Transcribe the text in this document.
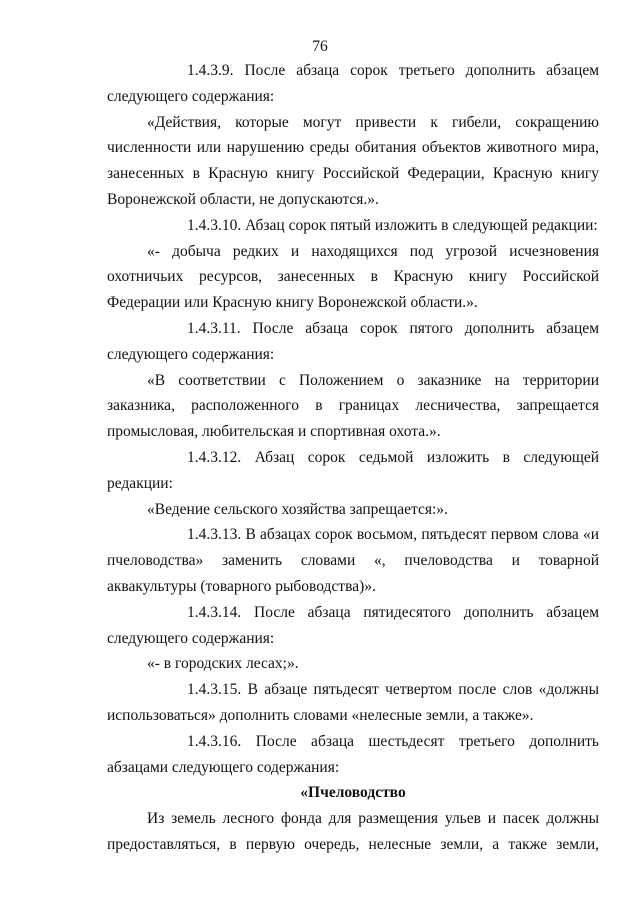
76

1.4.3.9. После абзаца сорок третьего дополнить абзацем следующего содержания:

«Действия, которые могут привести к гибели, сокращению численности или нарушению среды обитания объектов животного мира, занесенных в Красную книгу Российской Федерации, Красную книгу Воронежской области, не допускаются.».

1.4.3.10. Абзац сорок пятый изложить в следующей редакции:

«- добыча редких и находящихся под угрозой исчезновения охотничьих ресурсов, занесенных в Красную книгу Российской Федерации или Красную книгу Воронежской области.».

1.4.3.11. После абзаца сорок пятого дополнить абзацем следующего содержания:

«В соответствии с Положением о заказнике на территории заказника, расположенного в границах лесничества, запрещается промысловая, любительская и спортивная охота.».

1.4.3.12. Абзац сорок седьмой изложить в следующей редакции:

«Ведение сельского хозяйства запрещается:».

1.4.3.13. В абзацах сорок восьмом, пятьдесят первом слова «и пчеловодства» заменить словами «, пчеловодства и товарной аквакультуры (товарного рыбоводства)».

1.4.3.14. После абзаца пятидесятого дополнить абзацем следующего содержания:

«- в городских лесах;».

1.4.3.15. В абзаце пятьдесят четвертом после слов «должны использоваться» дополнить словами «нелесные земли, а также».

1.4.3.16. После абзаца шестьдесят третьего дополнить абзацами следующего содержания:

«Пчеловодство

Из земель лесного фонда для размещения ульев и пасек должны предоставляться, в первую очередь, нелесные земли, а также земли,
